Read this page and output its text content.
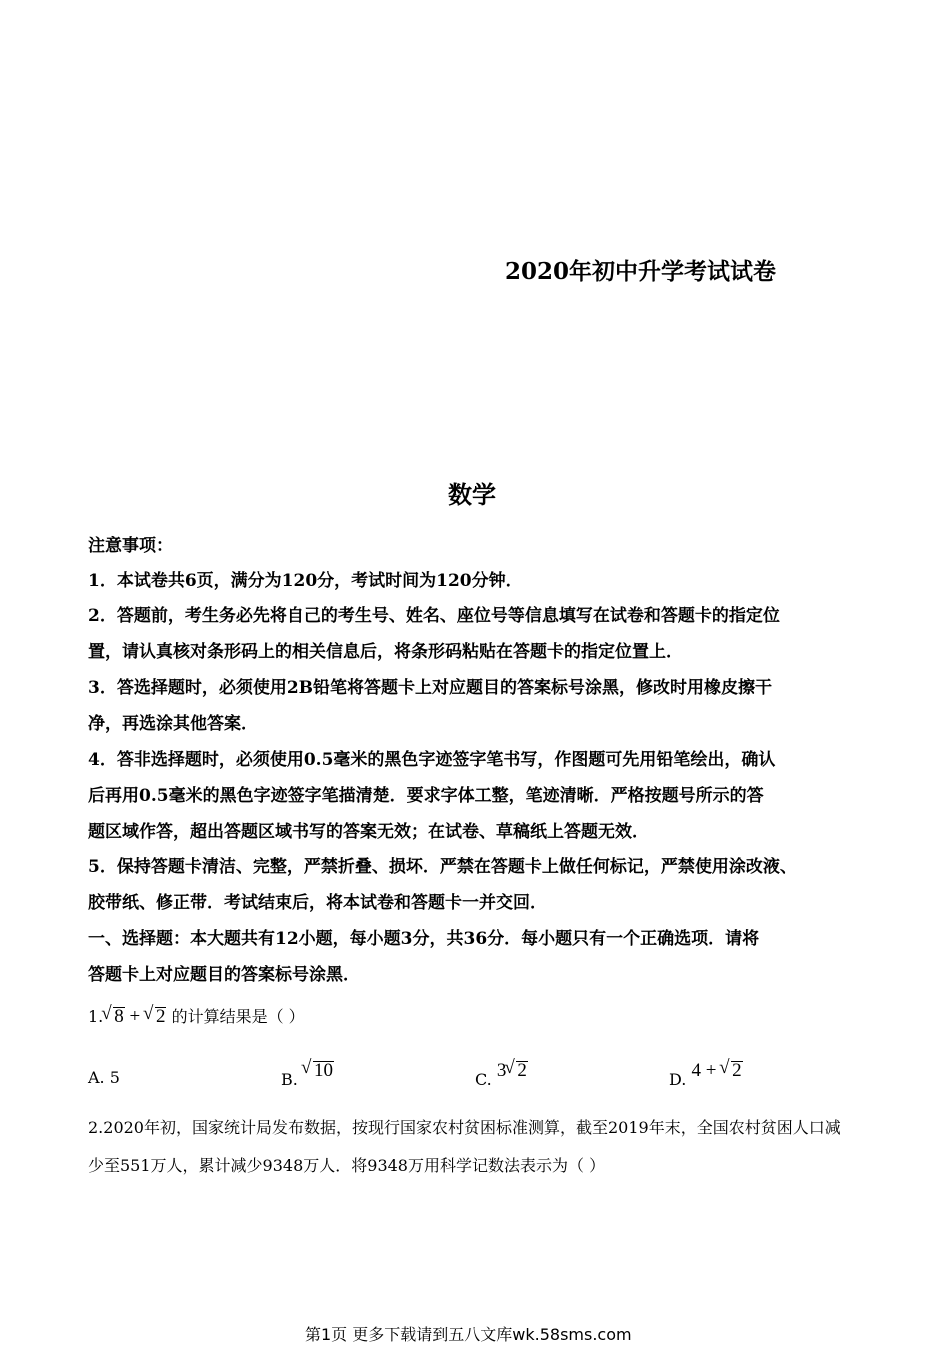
2020年初中升学考试试卷
数学
注意事项：
1．本试卷共6页，满分为120分，考试时间为120分钟．
2．答题前，考生务必先将自己的考生号、姓名、座位号等信息填写在试卷和答题卡的指定位
置，请认真核对条形码上的相关信息后，将条形码粘贴在答题卡的指定位置上．
3．答选择题时，必须使用2B铅笔将答题卡上对应题目的答案标号涂黑，修改时用橡皮擦干
净，再选涂其他答案．
4．答非选择题时，必须使用0.5毫米的黑色字迹签字笔书写，作图题可先用铅笔绘出，确认
后再用0.5毫米的黑色字迹签字笔描清楚．要求字体工整，笔迹清晰．严格按题号所示的答
题区域作答，超出答题区域书写的答案无效；在试卷、草稿纸上答题无效．
5．保持答题卡清洁、完整，严禁折叠、损坏．严禁在答题卡上做任何标记，严禁使用涂改液、
胶带纸、修正带．考试结束后，将本试卷和答题卡一并交回．
一、选择题：本大题共有12小题，每小题3分，共36分．每小题只有一个正确选项．请将
答题卡上对应题目的答案标号涂黑．
1. √ 8 + √ 2 的计算结果是（ ）
A. 5	B. √ 10	C. 3 √ 2	D. 4 + √ 2
2.2020年初，国家统计局发布数据，按现行国家农村贫困标准测算，截至2019年末，全国农村贫困人口减
少至551万人，累计减少9348万人．将9348万用科学记数法表示为（ ）
第1页 更多下载请到五八文库wk.58sms.com
